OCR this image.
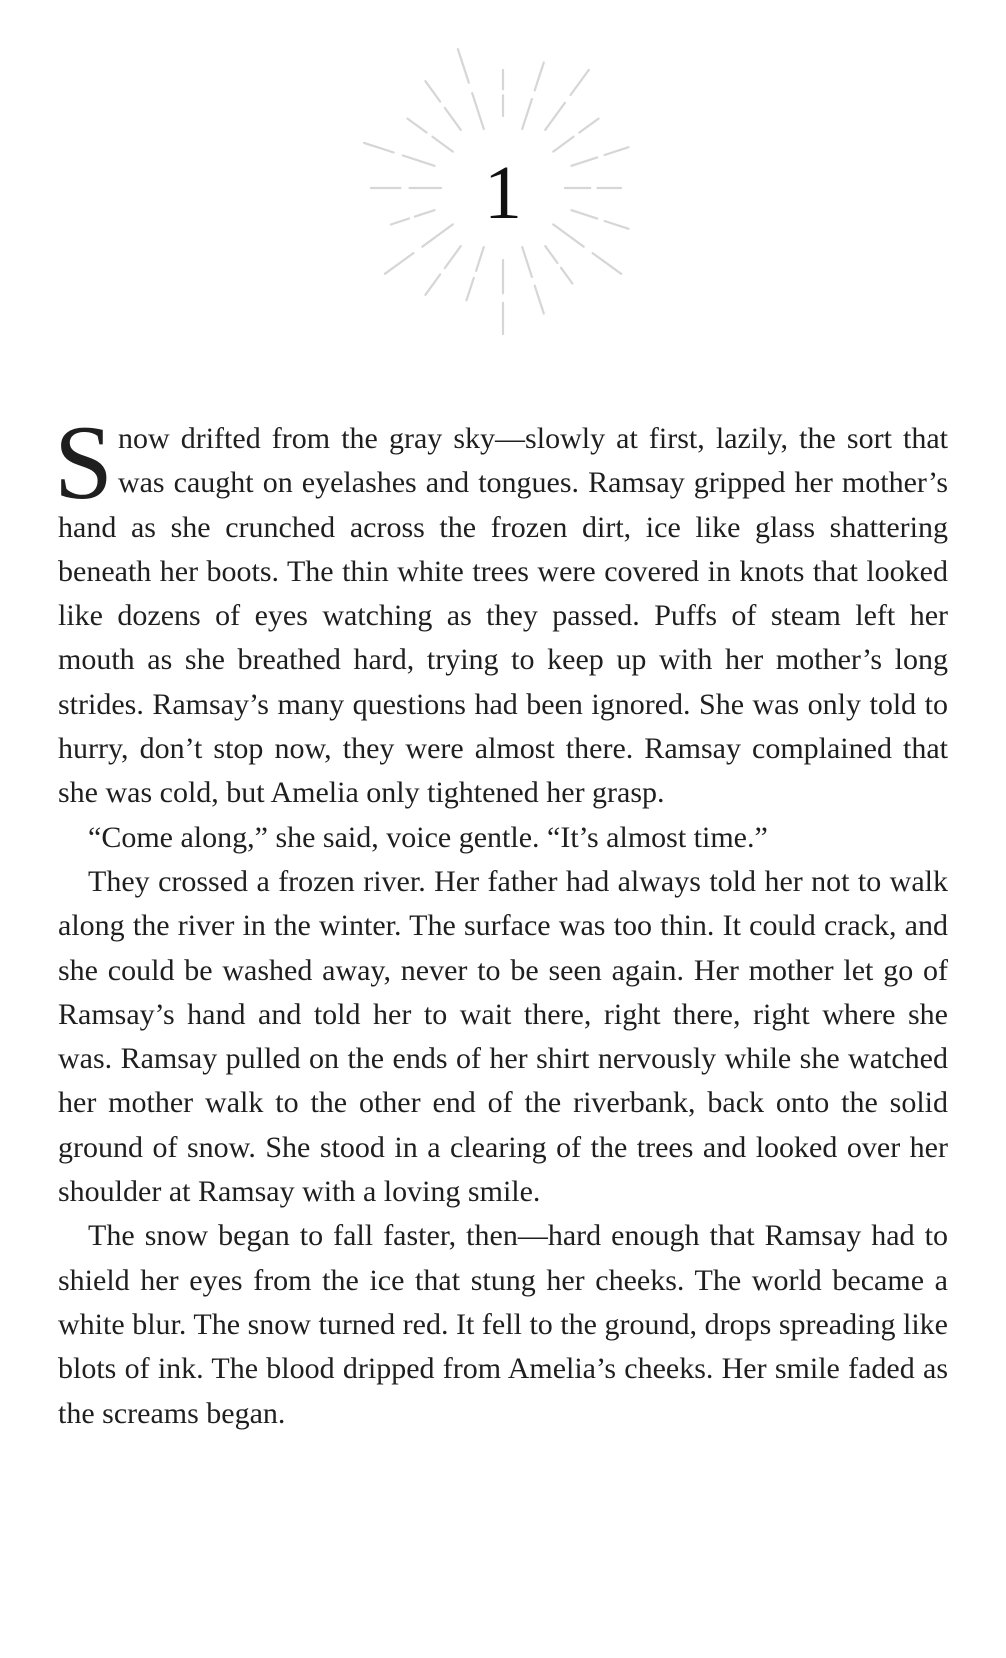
1

Snow drifted from the gray sky—slowly at first, lazily, the sort that was caught on eyelashes and tongues. Ramsay gripped her mother’s hand as she crunched across the frozen dirt, ice like glass shattering beneath her boots. The thin white trees were covered in knots that looked like dozens of eyes watching as they passed. Puffs of steam left her mouth as she breathed hard, trying to keep up with her mother’s long strides. Ramsay’s many questions had been ignored. She was only told to hurry, don’t stop now, they were almost there. Ramsay complained that she was cold, but Amelia only tightened her grasp.

“Come along,” she said, voice gentle. “It’s almost time.”

They crossed a frozen river. Her father had always told her not to walk along the river in the winter. The surface was too thin. It could crack, and she could be washed away, never to be seen again. Her mother let go of Ramsay’s hand and told her to wait there, right there, right where she was. Ramsay pulled on the ends of her shirt nervously while she watched her mother walk to the other end of the riverbank, back onto the solid ground of snow. She stood in a clearing of the trees and looked over her shoulder at Ramsay with a loving smile.

The snow began to fall faster, then—hard enough that Ramsay had to shield her eyes from the ice that stung her cheeks. The world became a white blur. The snow turned red. It fell to the ground, drops spreading like blots of ink. The blood dripped from Amelia’s cheeks. Her smile faded as the screams began.
